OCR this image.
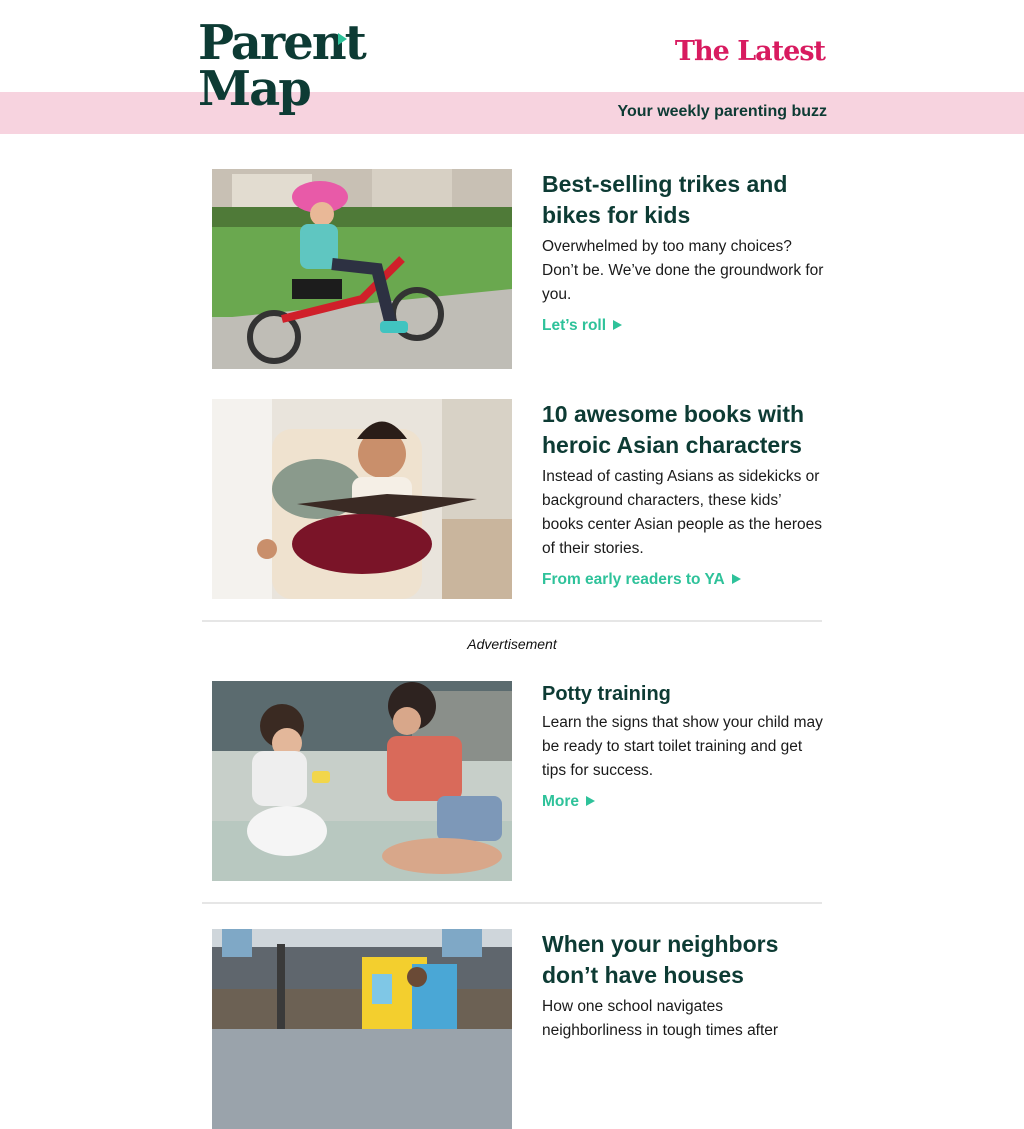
Parent
Map
The Latest
Your weekly parenting buzz
Best-selling trikes and bikes for kids

Overwhelmed by too many choices? Don’t be. We’ve done the groundwork for you.

Let’s roll
10 awesome books with heroic Asian characters

Instead of casting Asians as sidekicks or background characters, these kids’ books center Asian people as the heroes of their stories.

From early readers to YA
Advertisement
Potty training

Learn the signs that show your child may be ready to start toilet training and get tips for success.

More
When your neighbors don’t have houses

How one school navigates neighborliness in tough times after
